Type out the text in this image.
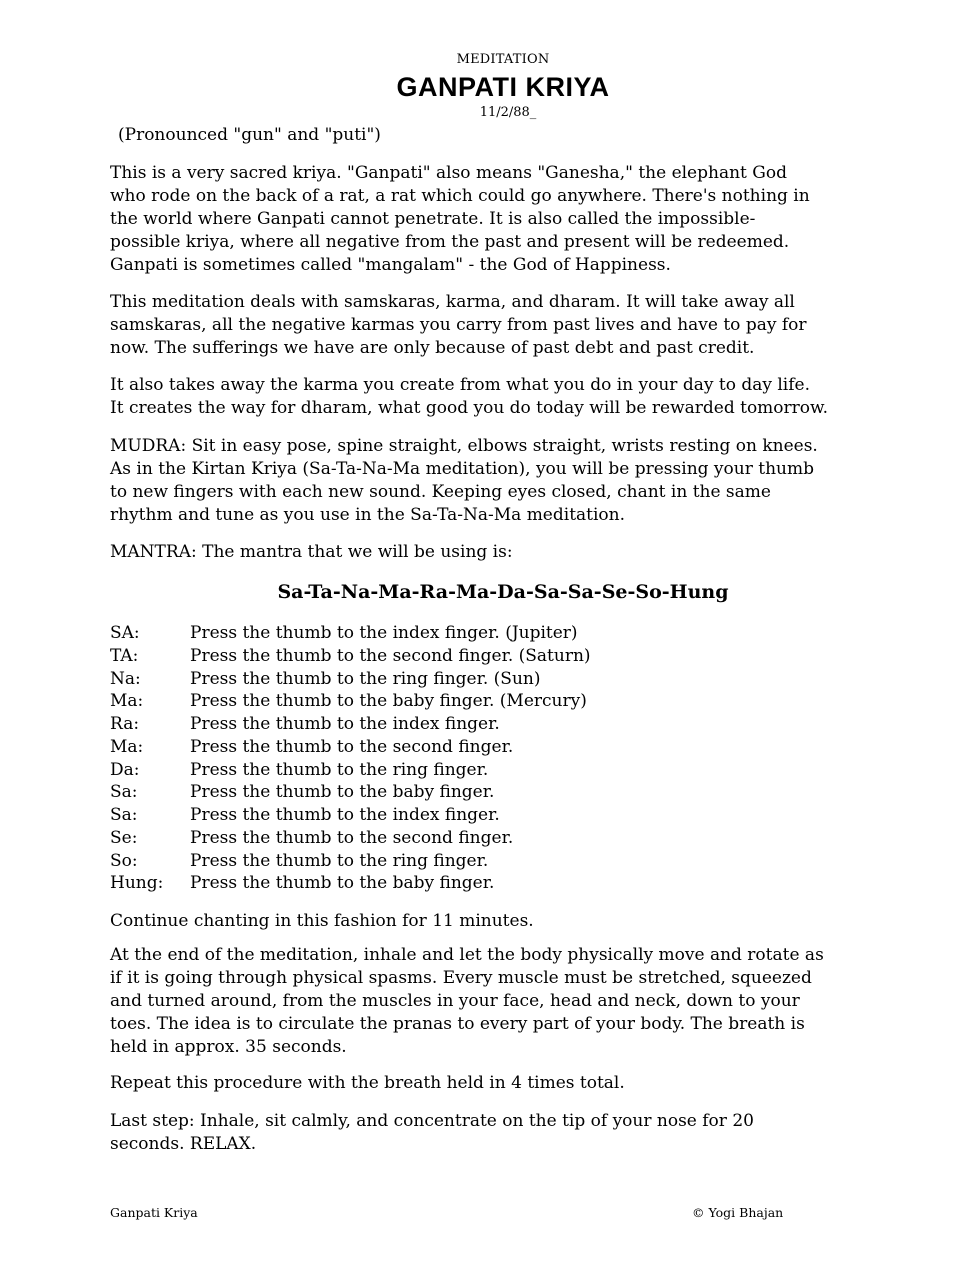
MEDITATION
GANPATI KRIYA
11/2/88_
(Pronounced "gun" and "puti")

This is a very sacred kriya. "Ganpati" also means "Ganesha," the elephant God
who rode on the back of a rat, a rat which could go anywhere. There's nothing in
the world where Ganpati cannot penetrate. It is also called the impossible-
possible kriya, where all negative from the past and present will be redeemed.
Ganpati is sometimes called "mangalam" - the God of Happiness.

This meditation deals with samskaras, karma, and dharam. It will take away all
samskaras, all the negative karmas you carry from past lives and have to pay for
now. The sufferings we have are only because of past debt and past credit.

It also takes away the karma you create from what you do in your day to day life.
It creates the way for dharam, what good you do today will be rewarded tomorrow.

MUDRA: Sit in easy pose, spine straight, elbows straight, wrists resting on knees.
As in the Kirtan Kriya (Sa-Ta-Na-Ma meditation), you will be pressing your thumb
to new fingers with each new sound. Keeping eyes closed, chant in the same
rhythm and tune as you use in the Sa-Ta-Na-Ma meditation.

MANTRA: The mantra that we will be using is:

Sa-Ta-Na-Ma-Ra-Ma-Da-Sa-Sa-Se-So-Hung
SA:	Press the thumb to the index finger. (Jupiter)
TA:	Press the thumb to the second finger. (Saturn)
Na:	Press the thumb to the ring finger. (Sun)
Ma:	Press the thumb to the baby finger. (Mercury)
Ra:	Press the thumb to the index finger.
Ma:	Press the thumb to the second finger.
Da:	Press the thumb to the ring finger.
Sa:	Press the thumb to the baby finger.
Sa:	Press the thumb to the index finger.
Se:	Press the thumb to the second finger.
So:	Press the thumb to the ring finger.
Hung:	Press the thumb to the baby finger.

Continue chanting in this fashion for 11 minutes.

At the end of the meditation, inhale and let the body physically move and rotate as
if it is going through physical spasms. Every muscle must be stretched, squeezed
and turned around, from the muscles in your face, head and neck, down to your
toes. The idea is to circulate the pranas to every part of your body. The breath is
held in approx. 35 seconds.

Repeat this procedure with the breath held in 4 times total.

Last step: Inhale, sit calmly, and concentrate on the tip of your nose for 20
seconds. RELAX.

Ganpati Kriya	© Yogi Bhajan
